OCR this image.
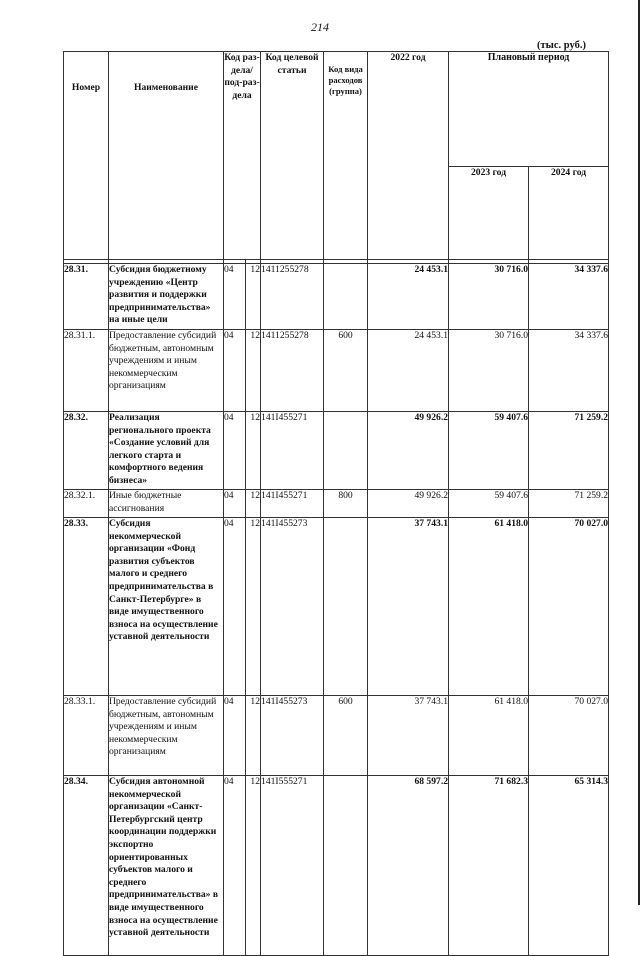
214
(тыс. руб.)
Номер	Наименование	Код раз-дела/ под-раз-дела		Код целевой статьи	Код вида расходов (группа)	2022 год	Плановый период	
							2023 год	2024 год

28.31.	Субсидия бюджетному учреждению «Центр развития и поддержки предпринимательства» на иные цели	04	12	1411255278		24 453.1	30 716.0	34 337.6
28.31.1.	Предоставление субсидий бюджетным, автономным учреждениям и иным некоммерческим организациям	04	12	1411255278	600	24 453.1	30 716.0	34 337.6
28.32.	Реализация регионального проекта «Создание условий для легкого старта и комфортного ведения бизнеса»	04	12	141I455271		49 926.2	59 407.6	71 259.2
28.32.1.	Иные бюджетные ассигнования	04	12	141I455271	800	49 926.2	59 407.6	71 259.2
28.33.	Субсидия некоммерческой организации «Фонд развития субъектов малого и среднего предпринимательства в Санкт-Петербурге» в виде имущественного взноса на осуществление уставной деятельности	04	12	141I455273		37 743.1	61 418.0	70 027.0
28.33.1.	Предоставление субсидий бюджетным, автономным учреждениям и иным некоммерческим организациям	04	12	141I455273	600	37 743.1	61 418.0	70 027.0
28.34.	Субсидия автономной некоммерческой организации «Санкт-Петербургский центр координации поддержки экспортно ориентированных субъектов малого и среднего предпринимательства» в виде имущественного взноса на осуществление уставной деятельности	04	12	141I555271		68 597.2	71 682.3	65 314.3
